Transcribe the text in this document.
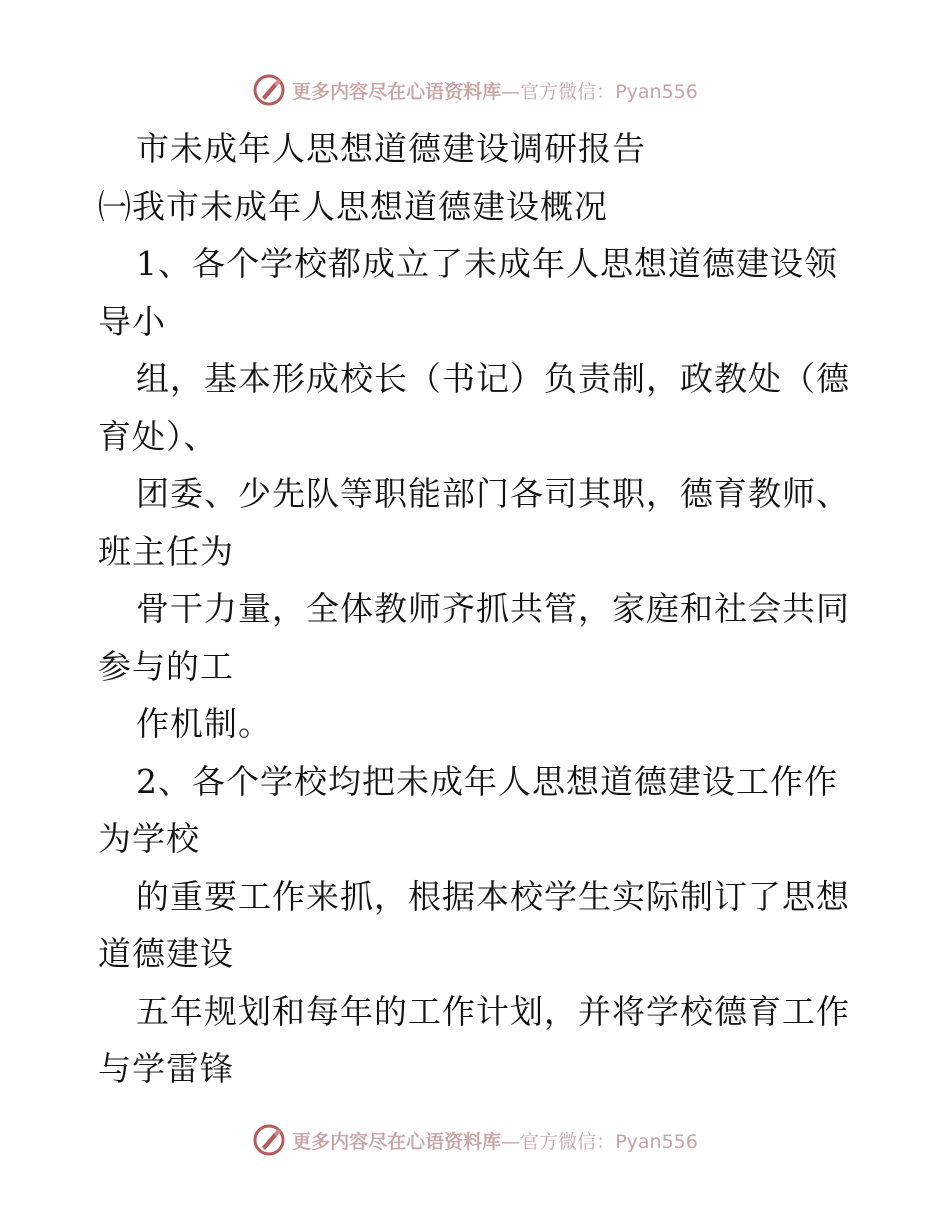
更多内容尽在心语资料库—官方微信：Pyan556
市未成年人思想道德建设调研报告
㈠我市未成年人思想道德建设概况
1、各个学校都成立了未成年人思想道德建设领
导小
组，基本形成校长（书记）负责制，政教处（德
育处）、
团委、少先队等职能部门各司其职，德育教师、
班主任为
骨干力量，全体教师齐抓共管，家庭和社会共同
参与的工
作机制。
2、各个学校均把未成年人思想道德建设工作作
为学校
的重要工作来抓，根据本校学生实际制订了思想
道德建设
五年规划和每年的工作计划，并将学校德育工作
与学雷锋
更多内容尽在心语资料库—官方微信：Pyan556
